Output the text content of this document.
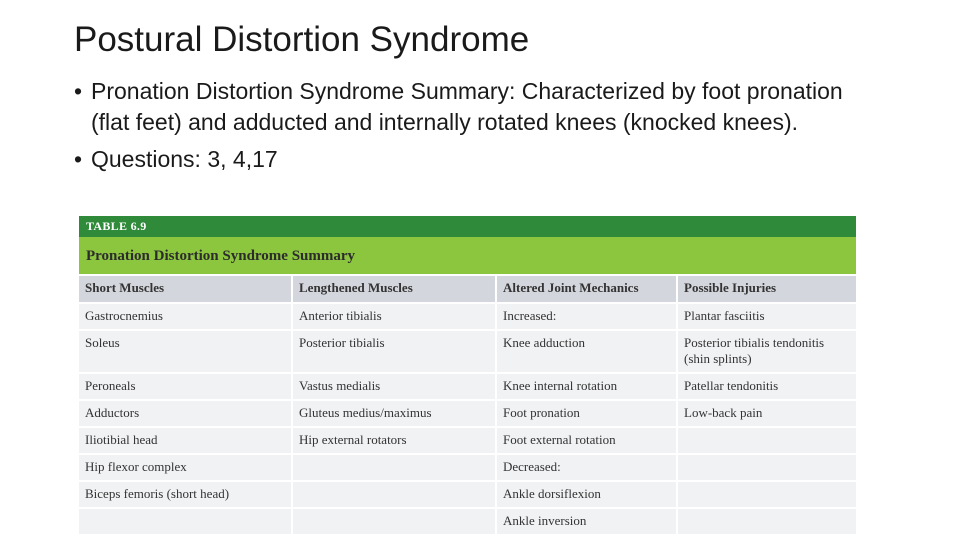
Postural Distortion Syndrome
• Pronation Distortion Syndrome Summary: Characterized by foot pronation (flat feet) and adducted and internally rotated knees (knocked knees).
• Questions: 3, 4,17
TABLE 6.9
Pronation Distortion Syndrome Summary
Short Muscles	Lengthened Muscles	Altered Joint Mechanics	Possible Injuries
Gastrocnemius	Anterior tibialis	Increased:	Plantar fasciitis
Soleus	Posterior tibialis	Knee adduction	Posterior tibialis tendonitis (shin splints)
Peroneals	Vastus medialis	Knee internal rotation	Patellar tendonitis
Adductors	Gluteus medius/maximus	Foot pronation	Low-back pain
Iliotibial head	Hip external rotators	Foot external rotation	
Hip flexor complex		Decreased:	
Biceps femoris (short head)		Ankle dorsiflexion	
		Ankle inversion	
